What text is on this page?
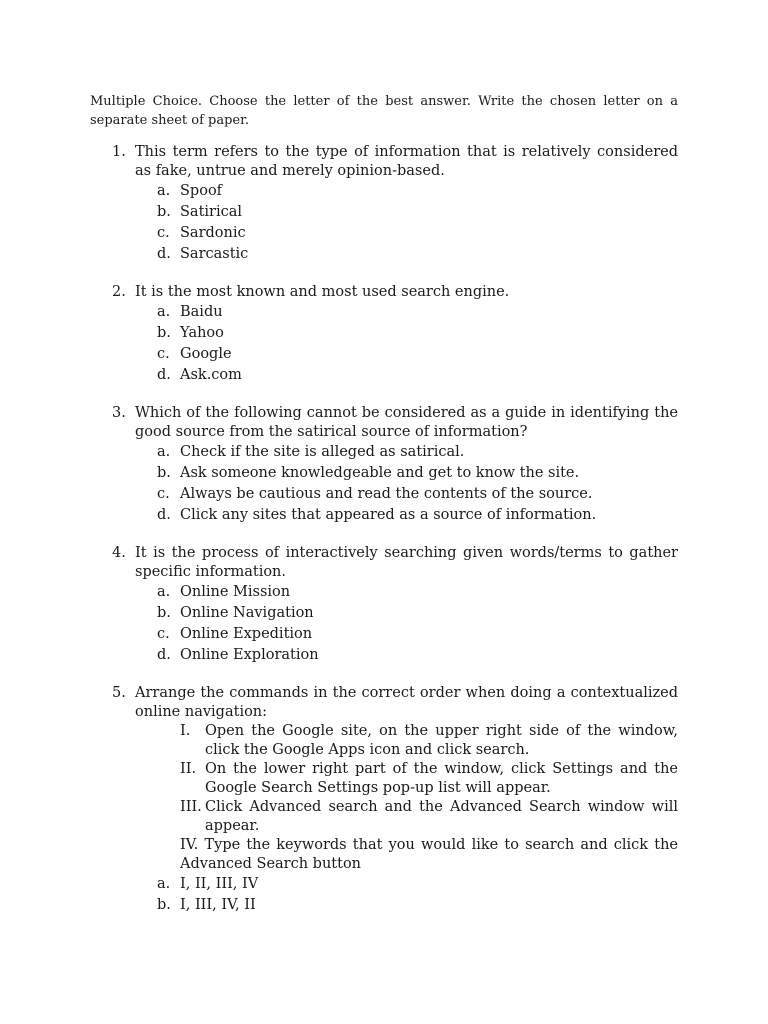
Multiple Choice. Choose the letter of the best answer. Write the chosen letter on a separate sheet of paper.

1. This term refers to the type of information that is relatively considered as fake, untrue and merely opinion-based.
a. Spoof
b. Satirical
c. Sardonic
d. Sarcastic
2. It is the most known and most used search engine.
a. Baidu
b. Yahoo
c. Google
d. Ask.com
3. Which of the following cannot be considered as a guide in identifying the good source from the satirical source of information?
a. Check if the site is alleged as satirical.
b. Ask someone knowledgeable and get to know the site.
c. Always be cautious and read the contents of the source.
d. Click any sites that appeared as a source of information.
4. It is the process of interactively searching given words/terms to gather specific information.
a. Online Mission
b. Online Navigation
c. Online Expedition
d. Online Exploration
5. Arrange the commands in the correct order when doing a contextualized online navigation:
I. Open the Google site, on the upper right side of the window, click the Google Apps icon and click search.
II. On the lower right part of the window, click Settings and the Google Search Settings pop-up list will appear.
III. Click Advanced search and the Advanced Search window will appear.
IV. Type the keywords that you would like to search and click the Advanced Search button
a. I, II, III, IV
b. I, III, IV, II
